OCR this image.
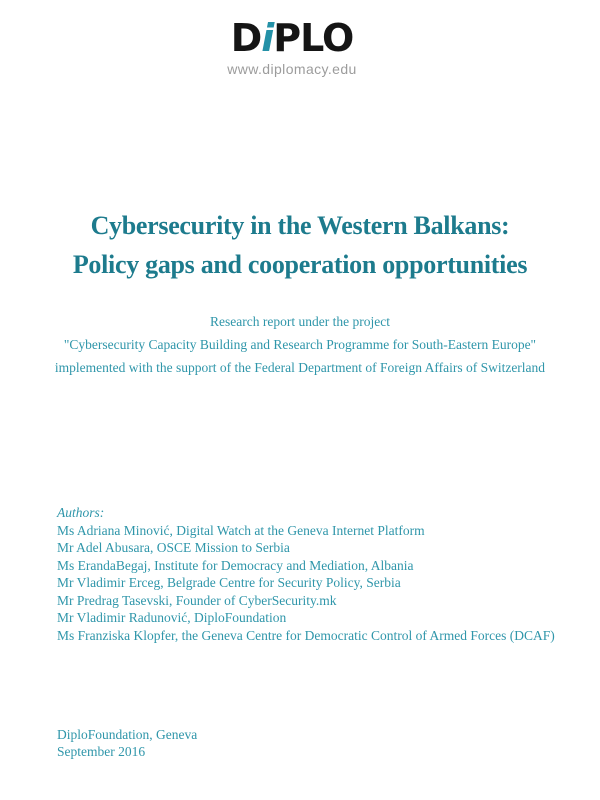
DiPLO
www.diplomacy.edu
Cybersecurity in the Western Balkans:
Policy gaps and cooperation opportunities
Research report under the project
"Cybersecurity Capacity Building and Research Programme for South-Eastern Europe"
implemented with the support of the Federal Department of Foreign Affairs of Switzerland
Authors:
Ms Adriana Minović, Digital Watch at the Geneva Internet Platform
Mr Adel Abusara, OSCE Mission to Serbia
Ms ErandaBegaj, Institute for Democracy and Mediation, Albania
Mr Vladimir Erceg, Belgrade Centre for Security Policy, Serbia
Mr Predrag Tasevski, Founder of CyberSecurity.mk
Mr Vladimir Radunović, DiploFoundation
Ms Franziska Klopfer, the Geneva Centre for Democratic Control of Armed Forces (DCAF)
DiploFoundation, Geneva
September 2016
